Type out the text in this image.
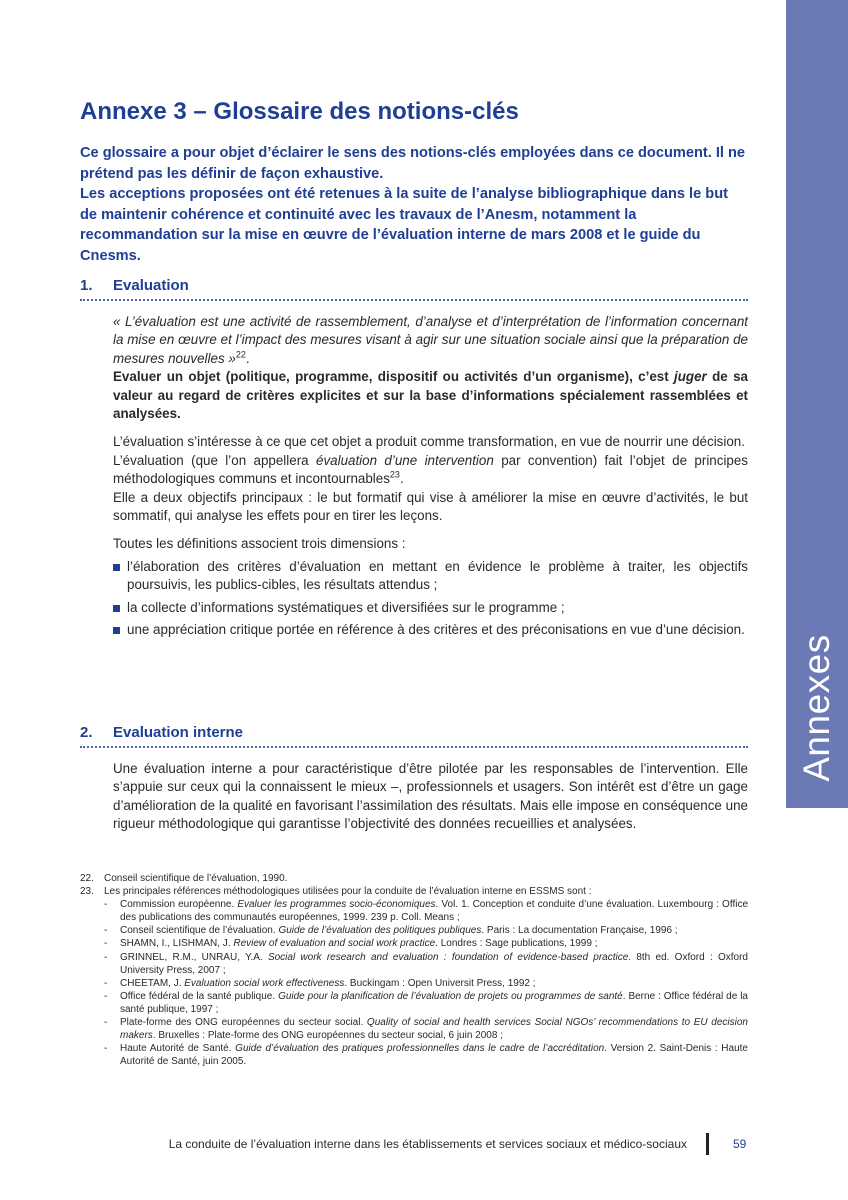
Annexes
Annexe 3 – Glossaire des notions-clés
Ce glossaire a pour objet d’éclairer le sens des notions-clés employées dans ce document. Il ne prétend pas les définir de façon exhaustive.
Les acceptions proposées ont été retenues à la suite de l’analyse bibliographique dans le but de maintenir cohérence et continuité avec les travaux de l’Anesm, notamment la recommandation sur la mise en œuvre de l’évaluation interne de mars 2008 et le guide du Cnesms.
1. Evaluation

« L’évaluation est une activité de rassemblement, d’analyse et d’interprétation de l’information concernant la mise en œuvre et l’impact des mesures visant à agir sur une situation sociale ainsi que la préparation de mesures nouvelles »$^{22}$.

Evaluer un objet (politique, programme, dispositif ou activités d’un organisme), c’est juger de sa valeur au regard de critères explicites et sur la base d’informations spécialement rassemblées et analysées.

L’évaluation s’intéresse à ce que cet objet a produit comme transformation, en vue de nourrir une décision.

L’évaluation (que l’on appellera évaluation d’une intervention par convention) fait l’objet de principes méthodologiques communs et incontournables$^{23}$.

Elle a deux objectifs principaux : le but formatif qui vise à améliorer la mise en œuvre d’activités, le but sommatif, qui analyse les effets pour en tirer les leçons.

Toutes les définitions associent trois dimensions :

l’élaboration des critères d’évaluation en mettant en évidence le problème à traiter, les objectifs poursuivis, les publics-cibles, les résultats attendus ;
la collecte d’informations systématiques et diversifiées sur le programme ;
une appréciation critique portée en référence à des critères et des préconisations en vue d’une décision.
2. Evaluation interne

Une évaluation interne a pour caractéristique d’être pilotée par les responsables de l’intervention. Elle s’appuie sur ceux qui la connaissent le mieux –, professionnels et usagers. Son intérêt est d’être un gage d’amélioration de la qualité en favorisant l’assimilation des résultats. Mais elle impose en conséquence une rigueur méthodologique qui garantisse l’objectivité des données recueillies et analysées.

22. Conseil scientifique de l’évaluation, 1990.
23. Les principales références méthodologiques utilisées pour la conduite de l’évaluation interne en ESSMS sont :
- Commission européenne. Evaluer les programmes socio-économiques. Vol. 1. Conception et conduite d’une évaluation. Luxembourg : Office des publications des communautés européennes, 1999. 239 p. Coll. Means ;
- Conseil scientifique de l’évaluation. Guide de l’évaluation des politiques publiques. Paris : La documentation Française, 1996 ;
- SHAMN, I., LISHMAN, J. Review of evaluation and social work practice. Londres : Sage publications, 1999 ;
- GRINNEL, R.M., UNRAU, Y.A. Social work research and evaluation : foundation of evidence-based practice. 8th ed. Oxford : Oxford University Press, 2007 ;
- CHEETAM, J. Evaluation social work effectiveness. Buckingam : Open Universit Press, 1992 ;
- Office fédéral de la santé publique. Guide pour la planification de l’évaluation de projets ou programmes de santé. Berne : Office fédéral de la santé publique, 1997 ;
- Plate-forme des ONG européennes du secteur social. Quality of social and health services Social NGOs’ recommendations to EU decision makers. Bruxelles : Plate-forme des ONG européennes du secteur social, 6 juin 2008 ;
- Haute Autorité de Santé. Guide d’évaluation des pratiques professionnelles dans le cadre de l’accréditation. Version 2. Saint-Denis : Haute Autorité de Santé, juin 2005.
La conduite de l’évaluation interne dans les établissements et services sociaux et médico-sociaux	59
